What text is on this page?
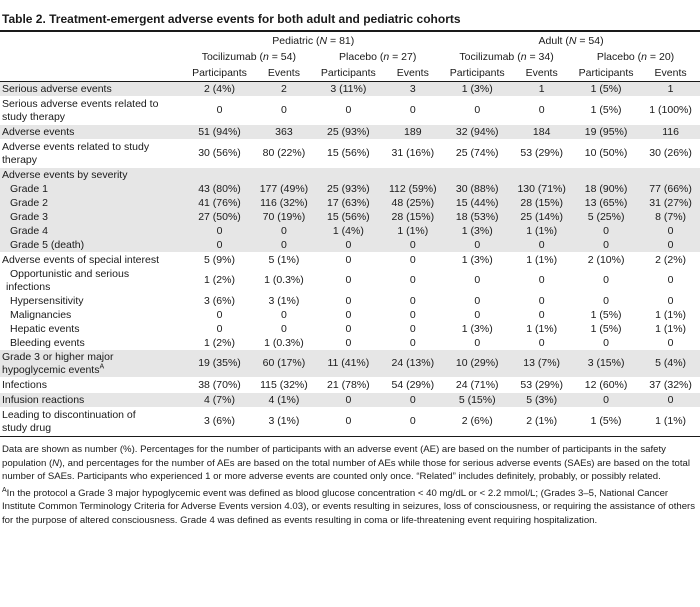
Table 2. Treatment-emergent adverse events for both adult and pediatric cohorts
	Pediatric (N = 81)				Adult (N = 54)			
	Tocilizumab (n = 54)		Placebo (n = 27)		Tocilizumab (n = 34)		Placebo (n = 20)	
	Participants	Events	Participants	Events	Participants	Events	Participants	Events
Serious adverse events	2 (4%)	2	3 (11%)	3	1 (3%)	1	1 (5%)	1
Serious adverse events related to
study therapy	0	0	0	0	0	0	1 (5%)	1 (100%)
Adverse events	51 (94%)	363	25 (93%)	189	32 (94%)	184	19 (95%)	116
Adverse events related to study
therapy	30 (56%)	80 (22%)	15 (56%)	31 (16%)	25 (74%)	53 (29%)	10 (50%)	30 (26%)
Adverse events by severity								
Grade 1	43 (80%)	177 (49%)	25 (93%)	112 (59%)	30 (88%)	130 (71%)	18 (90%)	77 (66%)
Grade 2	41 (76%)	116 (32%)	17 (63%)	48 (25%)	15 (44%)	28 (15%)	13 (65%)	31 (27%)
Grade 3	27 (50%)	70 (19%)	15 (56%)	28 (15%)	18 (53%)	25 (14%)	5 (25%)	8 (7%)
Grade 4	0	0	1 (4%)	1 (1%)	1 (3%)	1 (1%)	0	0
Grade 5 (death)	0	0	0	0	0	0	0	0
Adverse events of special interest	5 (9%)	5 (1%)	0	0	1 (3%)	1 (1%)	2 (10%)	2 (2%)
Opportunistic and serious
infections	1 (2%)	1 (0.3%)	0	0	0	0	0	0
Hypersensitivity	3 (6%)	3 (1%)	0	0	0	0	0	0
Malignancies	0	0	0	0	0	0	1 (5%)	1 (1%)
Hepatic events	0	0	0	0	1 (3%)	1 (1%)	1 (5%)	1 (1%)
Bleeding events	1 (2%)	1 (0.3%)	0	0	0	0	0	0
Grade 3 or higher major
hypoglycemic events$^A$	19 (35%)	60 (17%)	11 (41%)	24 (13%)	10 (29%)	13 (7%)	3 (15%)	5 (4%)
Infections	38 (70%)	115 (32%)	21 (78%)	54 (29%)	24 (71%)	53 (29%)	12 (60%)	37 (32%)
Infusion reactions	4 (7%)	4 (1%)	0	0	5 (15%)	5 (3%)	0	0
Leading to discontinuation of
study drug	3 (6%)	3 (1%)	0	0	2 (6%)	2 (1%)	1 (5%)	1 (1%)

Data are shown as number (%). Percentages for the number of participants with an adverse event (AE) are based on the number of participants in the safety population (N), and percentages for the number of AEs are based on the total number of AEs while those for serious adverse events (SAEs) are based on the total number of SAEs. Participants who experienced 1 or more adverse events are counted only once. “Related” includes definitely, probably, or possibly related.

$^A$In the protocol a Grade 3 major hypoglycemic event was defined as blood glucose concentration < 40 mg/dL or < 2.2 mmol/L; (Grades 3–5, National Cancer Institute Common Terminology Criteria for Adverse Events version 4.03), or events resulting in seizures, loss of consciousness, or requiring the assistance of others for the purpose of altered consciousness. Grade 4 was defined as events resulting in coma or life-threatening event requiring hospitalization.
